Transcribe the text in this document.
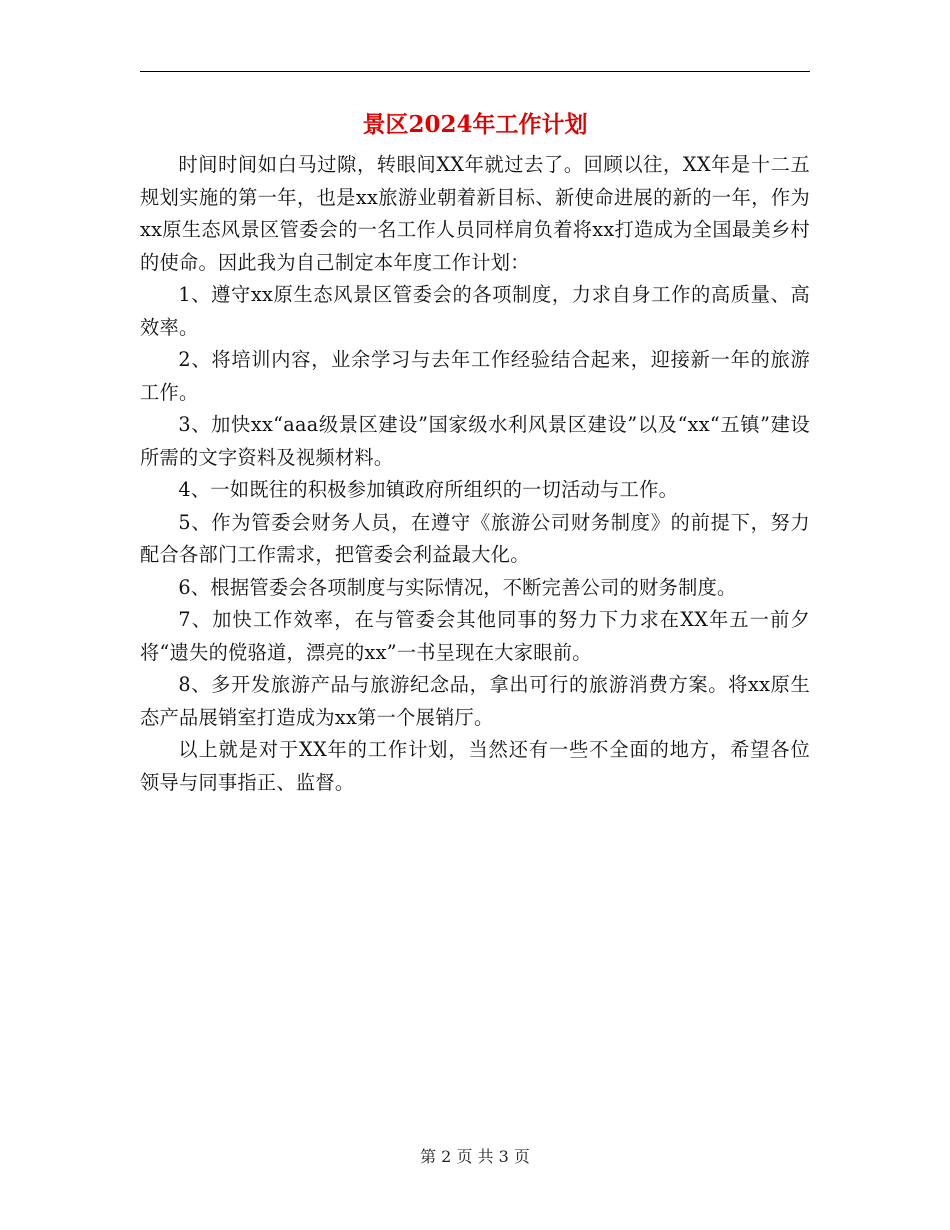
景区2024年工作计划

时间时间如白马过隙，转眼间XX年就过去了。回顾以往，XX年是十二五规划实施的第一年，也是xx旅游业朝着新目标、新使命进展的新的一年，作为xx原生态风景区管委会的一名工作人员同样肩负着将xx打造成为全国最美乡村的使命。因此我为自己制定本年度工作计划：

1、遵守xx原生态风景区管委会的各项制度，力求自身工作的高质量、高效率。

2、将培训内容，业余学习与去年工作经验结合起来，迎接新一年的旅游工作。

3、加快xx“aaa级景区建设”国家级水利风景区建设”以及“xx“五镇”建设所需的文字资料及视频材料。

4、一如既往的积极参加镇政府所组织的一切活动与工作。

5、作为管委会财务人员，在遵守《旅游公司财务制度》的前提下，努力配合各部门工作需求，把管委会利益最大化。

6、根据管委会各项制度与实际情况，不断完善公司的财务制度。

7、加快工作效率，在与管委会其他同事的努力下力求在XX年五一前夕将“遗失的傥骆道，漂亮的xx”一书呈现在大家眼前。

8、多开发旅游产品与旅游纪念品，拿出可行的旅游消费方案。将xx原生态产品展销室打造成为xx第一个展销厅。

以上就是对于XX年的工作计划，当然还有一些不全面的地方，希望各位领导与同事指正、监督。

第 2 页 共 3 页
